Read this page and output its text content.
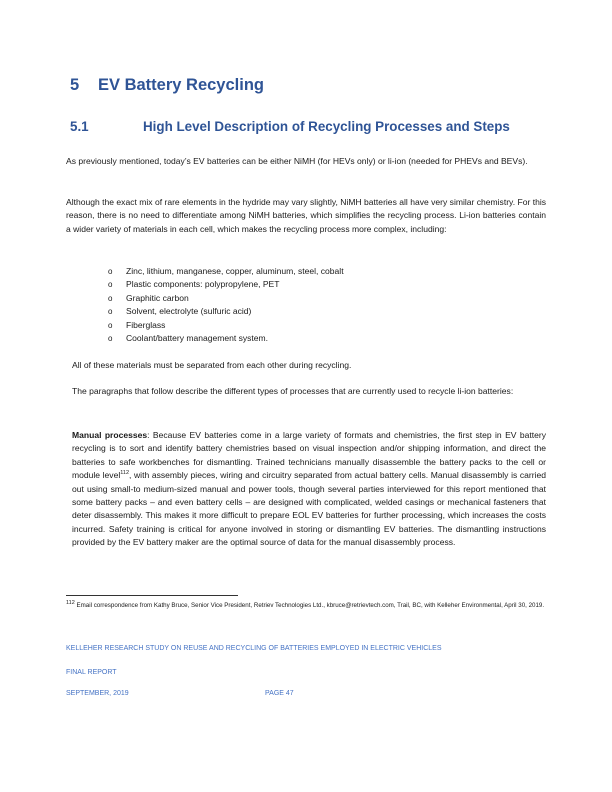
5 EV Battery Recycling
5.1	High Level Description of Recycling Processes and Steps

As previously mentioned, today’s EV batteries can be either NiMH (for HEVs only) or li-ion (needed for PHEVs and BEVs).

Although the exact mix of rare elements in the hydride may vary slightly, NiMH batteries all have very similar chemistry. For this reason, there is no need to differentiate among NiMH batteries, which simplifies the recycling process. Li-ion batteries contain a wider variety of materials in each cell, which makes the recycling process more complex, including:

o Zinc, lithium, manganese, copper, aluminum, steel, cobalt
o Plastic components: polypropylene, PET
o Graphitic carbon
o Solvent, electrolyte (sulfuric acid)
o Fiberglass
o Coolant/battery management system.

All of these materials must be separated from each other during recycling.

The paragraphs that follow describe the different types of processes that are currently used to recycle li-ion batteries:

Manual processes: Because EV batteries come in a large variety of formats and chemistries, the first step in EV battery recycling is to sort and identify battery chemistries based on visual inspection and/or shipping information, and direct the batteries to safe workbenches for dismantling. Trained technicians manually disassemble the battery packs to the cell or module level$^{112}$, with assembly pieces, wiring and circuitry separated from actual battery cells. Manual disassembly is carried out using small-to medium-sized manual and power tools, though several parties interviewed for this report mentioned that some battery packs – and even battery cells – are designed with complicated, welded casings or mechanical fasteners that deter disassembly. This makes it more difficult to prepare EOL EV batteries for further processing, which increases the costs incurred. Safety training is critical for anyone involved in storing or dismantling EV batteries. The dismantling instructions provided by the EV battery maker are the optimal source of data for the manual disassembly process.

$^{112}$ Email correspondence from Kathy Bruce, Senior Vice President, Retriev Technologies Ltd., kbruce@retrievtech.com, Trail, BC, with Kelleher Environmental, April 30, 2019.

KELLEHER RESEARCH STUDY ON REUSE AND RECYCLING OF BATTERIES EMPLOYED IN ELECTRIC VEHICLES

FINAL REPORT

SEPTEMBER, 2019	PAGE 47
